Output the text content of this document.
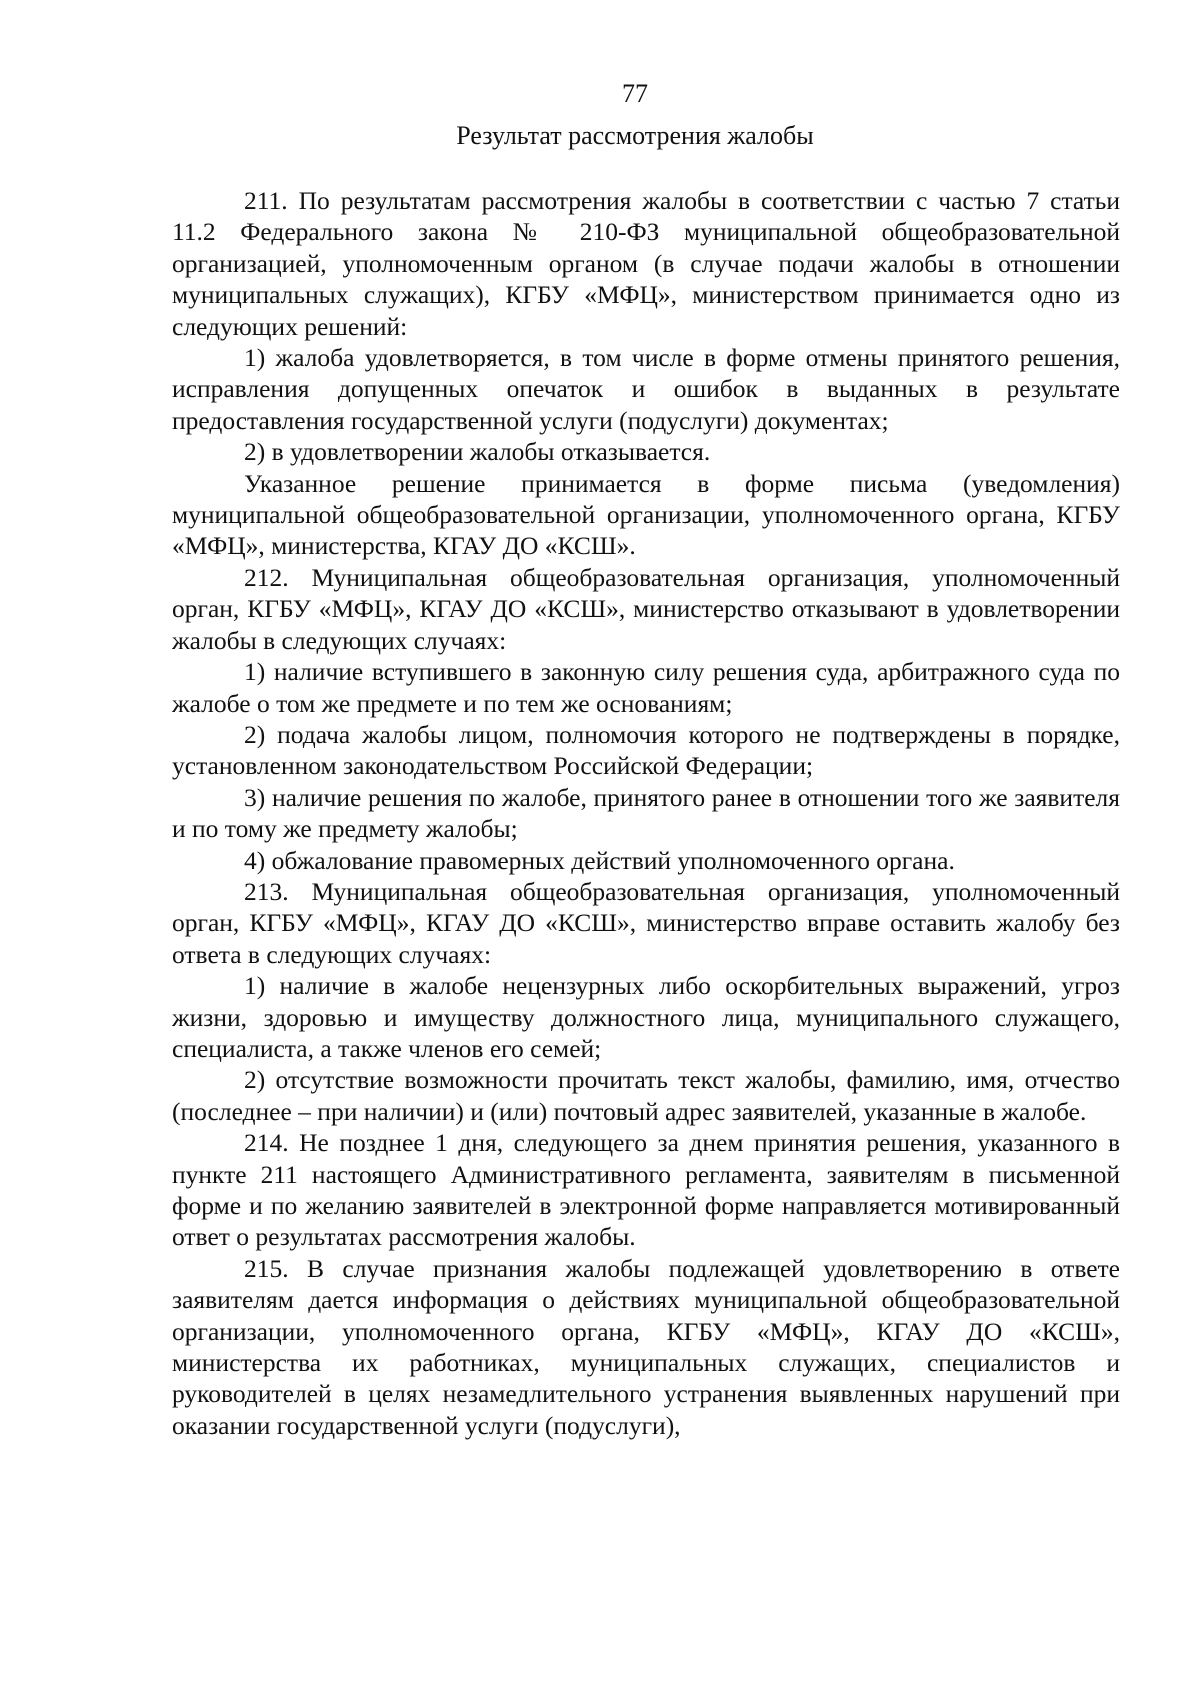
77
Результат рассмотрения жалобы

211. По результатам рассмотрения жалобы в соответствии с частью 7 статьи 11.2 Федерального закона № 210-ФЗ муниципальной общеобразовательной организацией, уполномоченным органом (в случае подачи жалобы в отношении муниципальных служащих), КГБУ «МФЦ», министерством принимается одно из следующих решений:

1) жалоба удовлетворяется, в том числе в форме отмены принятого решения, исправления допущенных опечаток и ошибок в выданных в результате предоставления государственной услуги (подуслуги) документах;

2) в удовлетворении жалобы отказывается.

Указанное решение принимается в форме письма (уведомления) муниципальной общеобразовательной организации, уполномоченного органа, КГБУ «МФЦ», министерства, КГАУ ДО «КСШ».

212. Муниципальная общеобразовательная организация, уполномоченный орган, КГБУ «МФЦ», КГАУ ДО «КСШ», министерство отказывают в удовлетворении жалобы в следующих случаях:

1) наличие вступившего в законную силу решения суда, арбитражного суда по жалобе о том же предмете и по тем же основаниям;

2) подача жалобы лицом, полномочия которого не подтверждены в порядке, установленном законодательством Российской Федерации;

3) наличие решения по жалобе, принятого ранее в отношении того же заявителя и по тому же предмету жалобы;

4) обжалование правомерных действий уполномоченного органа.

213. Муниципальная общеобразовательная организация, уполномоченный орган, КГБУ «МФЦ», КГАУ ДО «КСШ», министерство вправе оставить жалобу без ответа в следующих случаях:

1) наличие в жалобе нецензурных либо оскорбительных выражений, угроз жизни, здоровью и имуществу должностного лица, муниципального служащего, специалиста, а также членов его семей;

2) отсутствие возможности прочитать текст жалобы, фамилию, имя, отчество (последнее – при наличии) и (или) почтовый адрес заявителей, указанные в жалобе.

214. Не позднее 1 дня, следующего за днем принятия решения, указанного в пункте 211 настоящего Административного регламента, заявителям в письменной форме и по желанию заявителей в электронной форме направляется мотивированный ответ о результатах рассмотрения жалобы.

215. В случае признания жалобы подлежащей удовлетворению в ответе заявителям дается информация о действиях муниципальной общеобразовательной организации, уполномоченного органа, КГБУ «МФЦ», КГАУ ДО «КСШ», министерства их работниках, муниципальных служащих, специалистов и руководителей в целях незамедлительного устранения выявленных нарушений при оказании государственной услуги (подуслуги),
